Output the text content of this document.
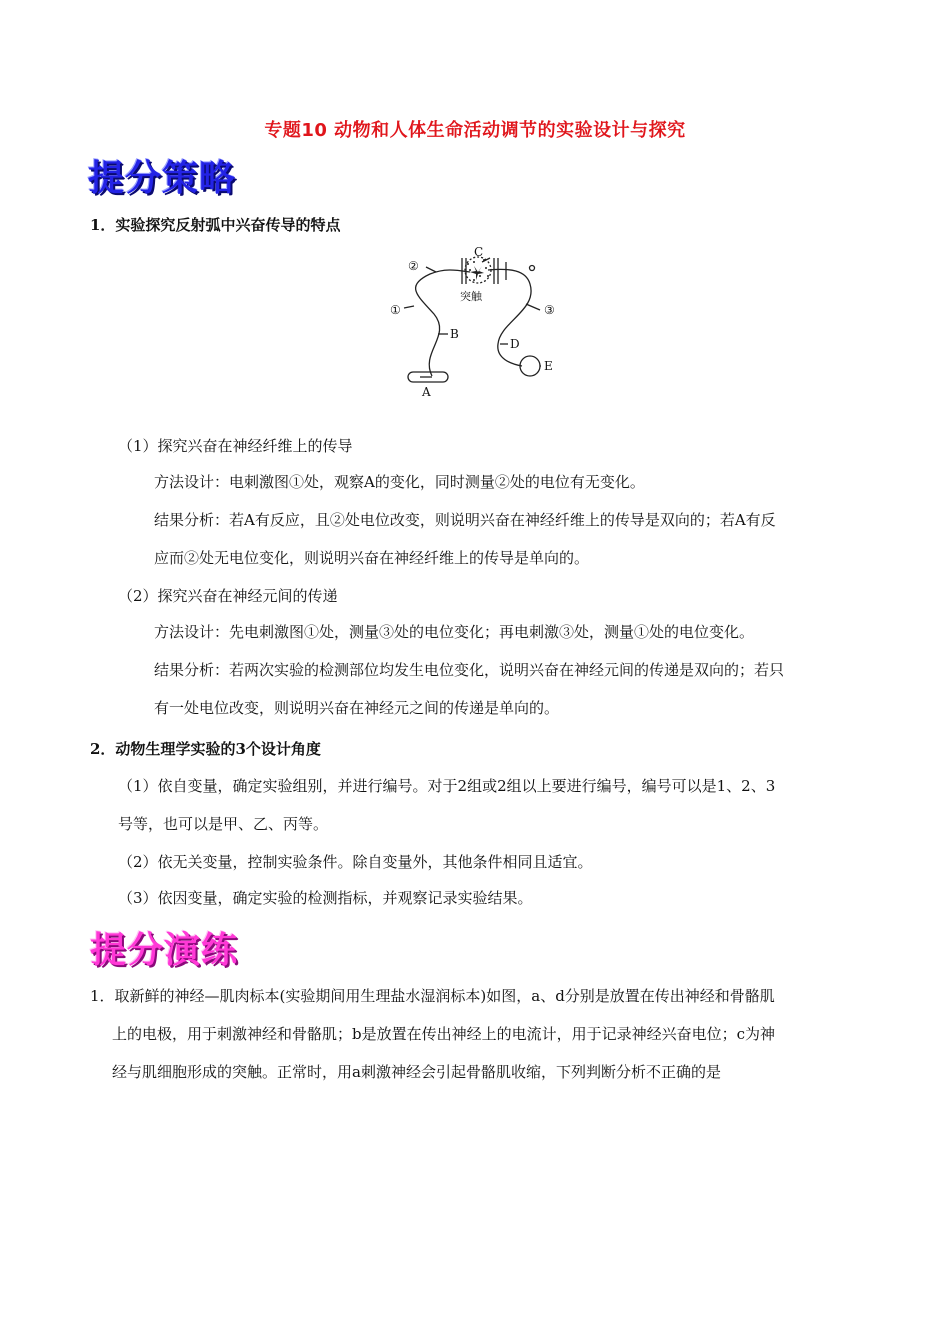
专题10 动物和人体生命活动调节的实验设计与探究
提分策略
1．实验探究反射弧中兴奋传导的特点
②
①	③
B
C
D
E
A
突触
（1）探究兴奋在神经纤维上的传导
方法设计：电刺激图①处，观察A的变化，同时测量②处的电位有无变化。
结果分析：若A有反应，且②处电位改变，则说明兴奋在神经纤维上的传导是双向的；若A有反
应而②处无电位变化，则说明兴奋在神经纤维上的传导是单向的。
（2）探究兴奋在神经元间的传递
方法设计：先电刺激图①处，测量③处的电位变化；再电刺激③处，测量①处的电位变化。
结果分析：若两次实验的检测部位均发生电位变化，说明兴奋在神经元间的传递是双向的；若只
有一处电位改变，则说明兴奋在神经元之间的传递是单向的。
2．动物生理学实验的3个设计角度
（1）依自变量，确定实验组别，并进行编号。对于2组或2组以上要进行编号，编号可以是1、2、3
号等，也可以是甲、乙、丙等。
（2）依无关变量，控制实验条件。除自变量外，其他条件相同且适宜。
（3）依因变量，确定实验的检测指标，并观察记录实验结果。
提分演练
1．取新鲜的神经—肌肉标本(实验期间用生理盐水湿润标本)如图，a、d分别是放置在传出神经和骨骼肌
上的电极，用于刺激神经和骨骼肌；b是放置在传出神经上的电流计，用于记录神经兴奋电位；c为神
经与肌细胞形成的突触。正常时，用a刺激神经会引起骨骼肌收缩，下列判断分析不正确的是
